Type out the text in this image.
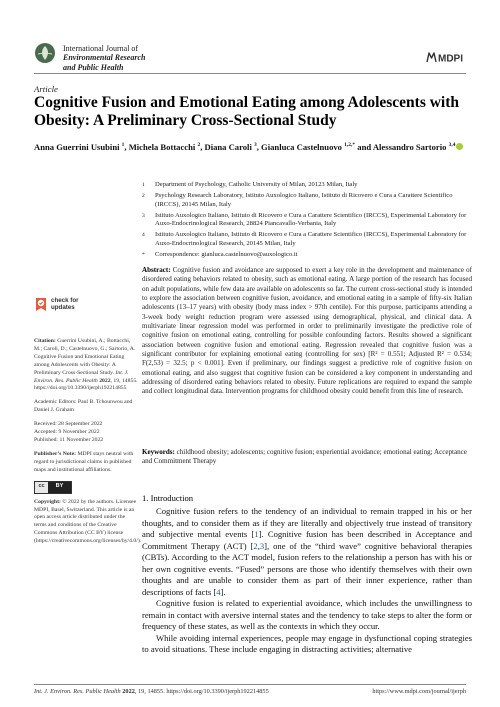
International Journal of
Environmental Research
and Public Health
MDPI
Article
Cognitive Fusion and Emotional Eating among Adolescents with Obesity: A Preliminary Cross-Sectional Study
Anna Guerrini Usubini $^1$, Michela Bottacchi $^2$, Diana Caroli $^3$, Gianluca Castelnuovo $^{1,2,*}$ and Alessandro Sartorio $^{3,4}$
1	Department of Psychology, Catholic University of Milan, 20123 Milan, Italy
2	Psychology Research Laboratory, Istituto Auxologico Italiano, Istituto di Ricovero e Cura a Carattere Scientifico (IRCCS), 20145 Milan, Italy
3	Istituto Auxologico Italiano, Istituto di Ricovero e Cura a Carattere Scientifico (IRCCS), Experimental Laboratory for Auxo-Endocrinological Research, 28824 Piancavallo-Verbania, Italy
4	Istituto Auxologico Italiano, Istituto di Ricovero e Cura a Carattere Scientifico (IRCCS), Experimental Laboratory for Auxo-Endocrinological Research, 20145 Milan, Italy
*	Correspondence: gianluca.castelnuovo@auxologico.it
Abstract: Cognitive fusion and avoidance are supposed to exert a key role in the development and maintenance of disordered eating behaviors related to obesity, such as emotional eating. A large portion of the research has focused on adult populations, while few data are available on adolescents so far. The current cross-sectional study is intended to explore the association between cognitive fusion, avoidance, and emotional eating in a sample of fifty-six Italian adolescents (13–17 years) with obesity (body mass index > 97th centile). For this purpose, participants attending a 3-week body weight reduction program were assessed using demographical, physical, and clinical data. A multivariate linear regression model was performed in order to preliminarily investigate the predictive role of cognitive fusion on emotional eating, controlling for possible confounding factors. Results showed a significant association between cognitive fusion and emotional eating. Regression revealed that cognitive fusion was a significant contributor for explaining emotional eating (controlling for sex) [R² = 0.551; Adjusted R² = 0.534; F(2,53) = 32.5; p < 0.001]. Even if preliminary, our findings suggest a predictive role of cognitive fusion on emotional eating, and also suggest that cognitive fusion can be considered a key component in understanding and addressing of disordered eating behaviors related to obesity. Future replications are required to expand the sample and collect longitudinal data. Intervention programs for childhood obesity could benefit from this line of research.
Keywords: childhood obesity; adolescents; cognitive fusion; experiential avoidance; emotional eating; Acceptance and Commitment Therapy
check for
updates

Citation: Guerrini Usubini, A.; Bottacchi, M.; Caroli, D.; Castelnuovo, G.; Sartorio, A. Cognitive Fusion and Emotional Eating among Adolescents with Obesity: A Preliminary Cross-Sectional Study. Int. J. Environ. Res. Public Health 2022, 19, 14855. https://doi.org/10.3390/ijerph192214855

Academic Editors: Paul B. Tchounwou and Daniel J. Graham

Received: 28 September 2022
Accepted: 9 November 2022
Published: 11 November 2022

Publisher’s Note: MDPI stays neutral with regard to jurisdictional claims in published maps and institutional affiliations.

cc	BY

Copyright: © 2022 by the authors. Licensee MDPI, Basel, Switzerland. This article is an open access article distributed under the terms and conditions of the Creative Commons Attribution (CC BY) license (https://creativecommons.org/licenses/by/4.0/).

1. Introduction

Cognitive fusion refers to the tendency of an individual to remain trapped in his or her thoughts, and to consider them as if they are literally and objectively true instead of transitory and subjective mental events [1]. Cognitive fusion has been described in Acceptance and Commitment Therapy (ACT) [2,3], one of the “third wave” cognitive behavioral therapies (CBTs). According to the ACT model, fusion refers to the relationship a person has with his or her own cognitive events. “Fused” persons are those who identify themselves with their own thoughts and are unable to consider them as part of their inner experience, rather than descriptions of facts [4].

Cognitive fusion is related to experiential avoidance, which includes the unwillingness to remain in contact with aversive internal states and the tendency to take steps to alter the form or frequency of these states, as well as the contexts in which they occur.

While avoiding internal experiences, people may engage in dysfunctional coping strategies to avoid situations. These include engaging in distracting activities; alternative

Int. J. Environ. Res. Public Health 2022, 19, 14855. https://doi.org/10.3390/ijerph192214855	https://www.mdpi.com/journal/ijerph
